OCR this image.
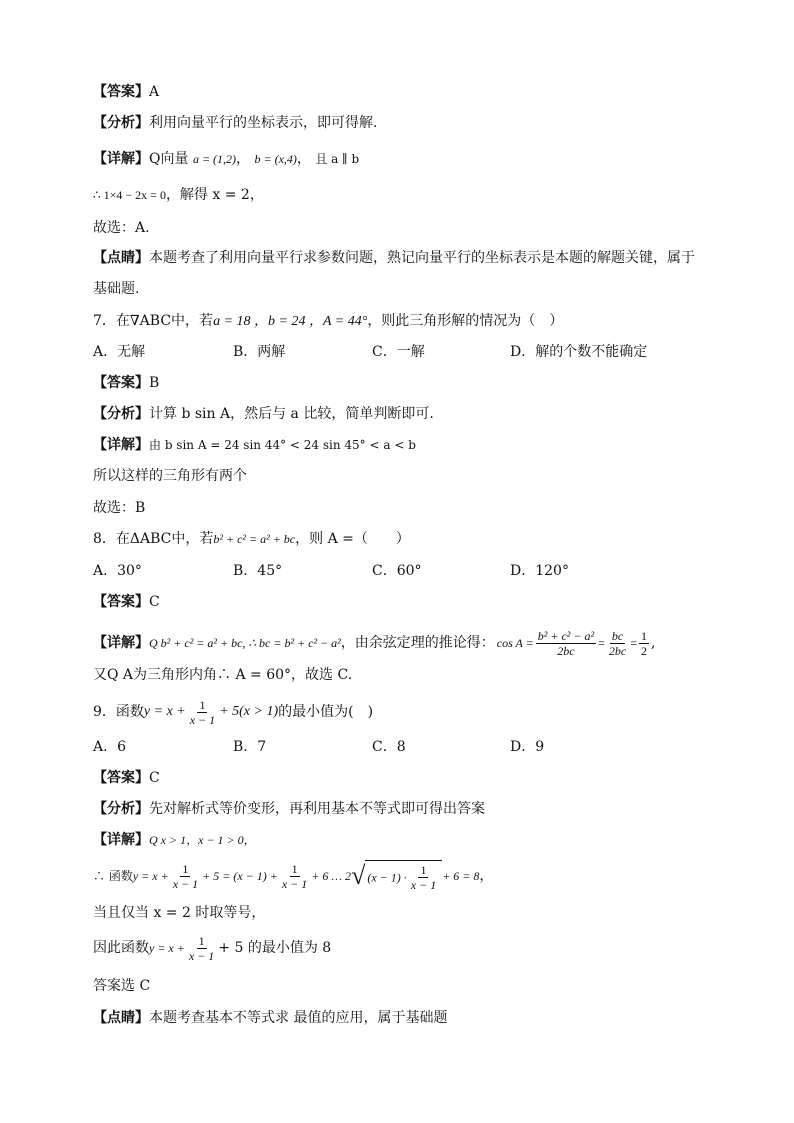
【答案】A
【分析】利用向量平行的坐标表示，即可得解.
【详解】Q向量 a = (1,2)， b = (x,4)， 且 a ∥ b
∴ 1×4 − 2x = 0，解得 x = 2，
故选：A.
【点睛】本题考查了利用向量平行求参数问题，熟记向量平行的坐标表示是本题的解题关键，属于
基础题.
7．在∇ABC中，若a = 18 ，b = 24 ，A = 44°，则此三角形解的情况为（　）
A．无解	B．两解	C．一解	D．解的个数不能确定
【答案】B
【分析】计算 b sin A，然后与 a 比较，简单判断即可.
【详解】由 b sin A = 24 sin 44° < 24 sin 45° < a < b
所以这样的三角形有两个
故选：B
8．在ΔABC中，若b² + c² = a² + bc，则 A =（　　）
A．30°	B．45°	C．60°	D．120°
【答案】C
【详解】 Q b² + c² = a² + bc, ∴ bc = b² + c² − a² ，由余弦定理的推论得： $\cos A = \frac{\text{b² + c² − a²}}{2bc} = \frac{bc}{2bc} = \frac{1}{2}$ ,
又Q A为三角形内角∴ A = 60°，故选 C.
9．函数 $y = x + \frac{1}{x - 1} + 5(x > 1)$ 的最小值为(　)
A．6	B．7	C．8	D．9
【答案】C
【分析】先对解析式等价变形，再利用基本不等式即可得出答案
【详解】Q x > 1，x − 1 > 0，
∴ 函数 $y = x + \frac{1}{x - 1} + 5 = (x - 1) + \frac{1}{x - 1} + 6$ … 2 √ $(x - 1) \cdot \frac{1}{x - 1} + 6 = 8$ ，
当且仅当 x = 2 时取等号，
因此函数 $y = x + \frac{1}{x - 1} + 5$ 的最小值为 8
答案选 C
【点睛】本题考查基本不等式求 最值的应用，属于基础题
